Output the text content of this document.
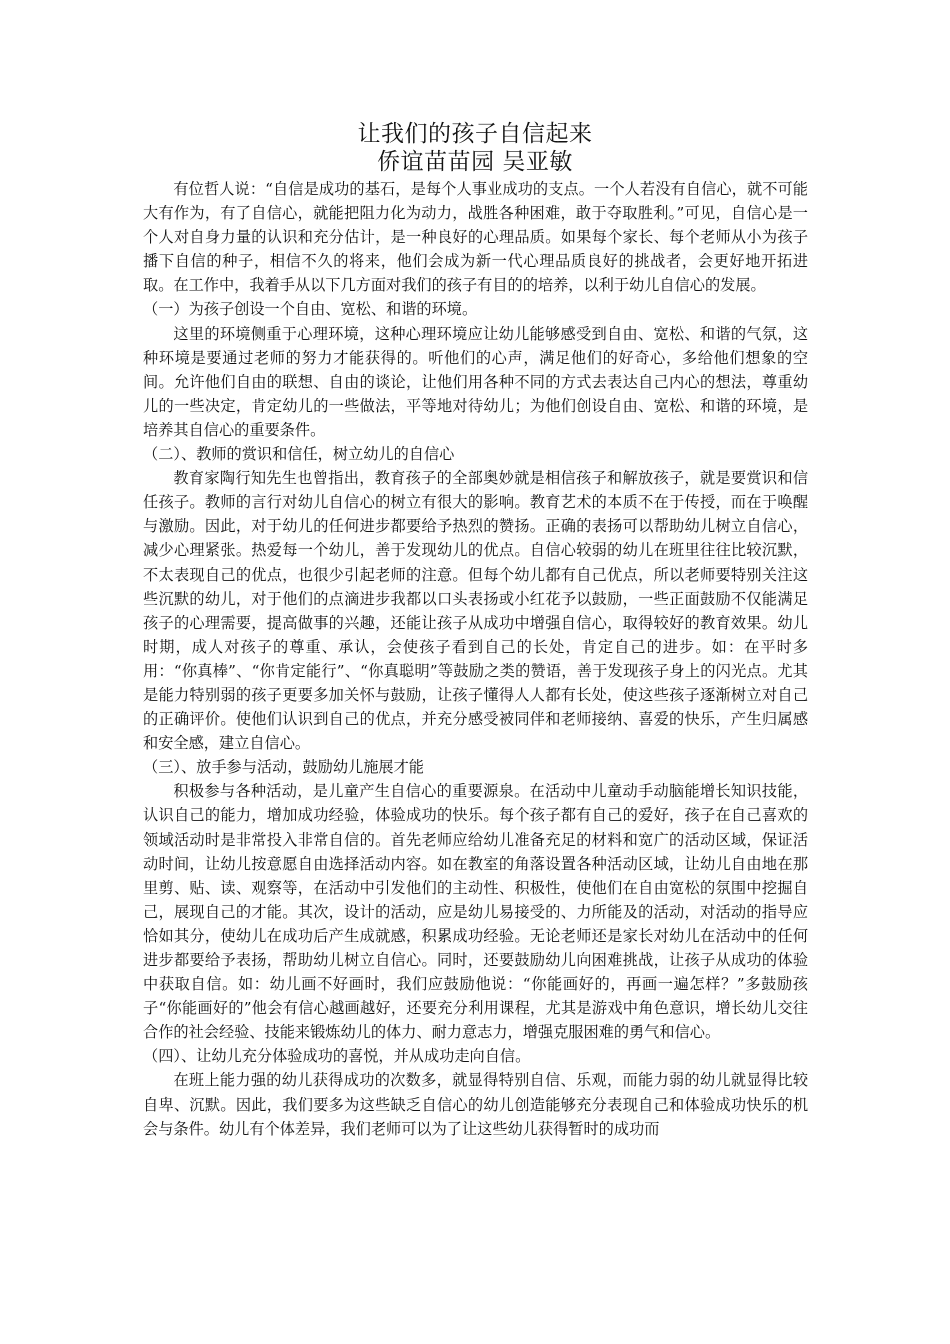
让我们的孩子自信起来
侨谊苗苗园 吴亚敏

有位哲人说：“自信是成功的基石，是每个人事业成功的支点。一个人若没有自信心，就不可能大有作为，有了自信心，就能把阻力化为动力，战胜各种困难，敢于夺取胜利。”可见，自信心是一个人对自身力量的认识和充分估计，是一种良好的心理品质。如果每个家长、每个老师从小为孩子播下自信的种子，相信不久的将来，他们会成为新一代心理品质良好的挑战者，会更好地开拓进取。在工作中，我着手从以下几方面对我们的孩子有目的的培养，以利于幼儿自信心的发展。

（一）为孩子创设一个自由、宽松、和谐的环境。

这里的环境侧重于心理环境，这种心理环境应让幼儿能够感受到自由、宽松、和谐的气氛，这种环境是要通过老师的努力才能获得的。听他们的心声，满足他们的好奇心，多给他们想象的空间。允许他们自由的联想、自由的谈论，让他们用各种不同的方式去表达自己内心的想法，尊重幼儿的一些决定，肯定幼儿的一些做法，平等地对待幼儿；为他们创设自由、宽松、和谐的环境，是培养其自信心的重要条件。

（二）、教师的赏识和信任，树立幼儿的自信心

教育家陶行知先生也曾指出，教育孩子的全部奥妙就是相信孩子和解放孩子，就是要赏识和信任孩子。教师的言行对幼儿自信心的树立有很大的影响。教育艺术的本质不在于传授，而在于唤醒与激励。因此，对于幼儿的任何进步都要给予热烈的赞扬。正确的表扬可以帮助幼儿树立自信心，减少心理紧张。热爱每一个幼儿，善于发现幼儿的优点。自信心较弱的幼儿在班里往往比较沉默，不太表现自己的优点，也很少引起老师的注意。但每个幼儿都有自己优点，所以老师要特别关注这些沉默的幼儿，对于他们的点滴进步我都以口头表扬或小红花予以鼓励，一些正面鼓励不仅能满足孩子的心理需要，提高做事的兴趣，还能让孩子从成功中增强自信心，取得较好的教育效果。幼儿时期，成人对孩子的尊重、承认，会使孩子看到自己的长处，肯定自己的进步。如：在平时多用：“你真棒”、“你肯定能行”、“你真聪明”等鼓励之类的赞语，善于发现孩子身上的闪光点。尤其是能力特别弱的孩子更要多加关怀与鼓励，让孩子懂得人人都有长处，使这些孩子逐渐树立对自己的正确评价。使他们认识到自己的优点，并充分感受被同伴和老师接纳、喜爱的快乐，产生归属感和安全感，建立自信心。

（三）、放手参与活动，鼓励幼儿施展才能

积极参与各种活动，是儿童产生自信心的重要源泉。在活动中儿童动手动脑能增长知识技能，认识自己的能力，增加成功经验，体验成功的快乐。每个孩子都有自己的爱好，孩子在自己喜欢的领域活动时是非常投入非常自信的。首先老师应给幼儿准备充足的材料和宽广的活动区域，保证活动时间，让幼儿按意愿自由选择活动内容。如在教室的角落设置各种活动区域，让幼儿自由地在那里剪、贴、读、观察等，在活动中引发他们的主动性、积极性，使他们在自由宽松的氛围中挖掘自己，展现自己的才能。其次，设计的活动，应是幼儿易接受的、力所能及的活动，对活动的指导应恰如其分，使幼儿在成功后产生成就感，积累成功经验。无论老师还是家长对幼儿在活动中的任何进步都要给予表扬，帮助幼儿树立自信心。同时，还要鼓励幼儿向困难挑战，让孩子从成功的体验中获取自信。如：幼儿画不好画时，我们应鼓励他说：“你能画好的，再画一遍怎样？”多鼓励孩子“你能画好的”他会有信心越画越好，还要充分利用课程，尤其是游戏中角色意识，增长幼儿交往合作的社会经验、技能来锻炼幼儿的体力、耐力意志力，增强克服困难的勇气和信心。

（四）、让幼儿充分体验成功的喜悦，并从成功走向自信。

在班上能力强的幼儿获得成功的次数多，就显得特别自信、乐观，而能力弱的幼儿就显得比较自卑、沉默。因此，我们要多为这些缺乏自信心的幼儿创造能够充分表现自己和体验成功快乐的机会与条件。幼儿有个体差异，我们老师可以为了让这些幼儿获得暂时的成功而
